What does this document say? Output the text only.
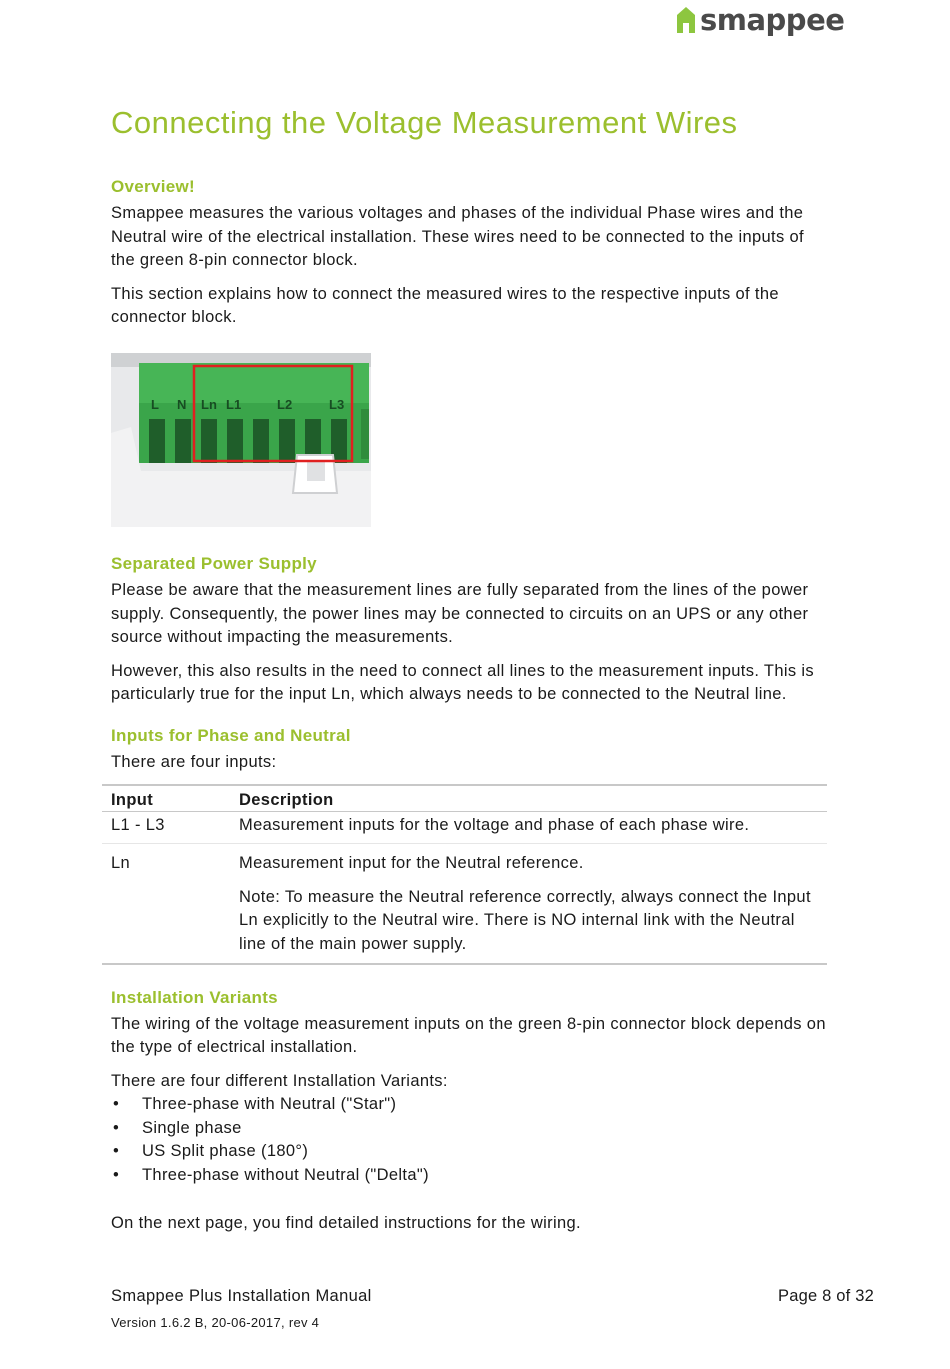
smappee
Connecting the Voltage Measurement Wires
Overview!

Smappee measures the various voltages and phases of the individual Phase wires and the Neutral wire of the electrical installation. These wires need to be connected to the inputs of the green 8-pin connector block.

This section explains how to connect the measured wires to the respective inputs of the connector block.

L N Ln L1	L2	L3
Separated Power Supply

Please be aware that the measurement lines are fully separated from the lines of the power supply. Consequently, the power lines may be connected to circuits on an UPS or any other source without impacting the measurements.

However, this also results in the need to connect all lines to the measurement inputs. This is particularly true for the input Ln, which always needs to be connected to the Neutral line.

Inputs for Phase and Neutral

There are four inputs:

Input	Description
L1 - L3	Measurement inputs for the voltage and phase of each phase wire.
Ln	Measurement input for the Neutral reference.

Note: To measure the Neutral reference correctly, always connect the Input Ln explicitly to the Neutral wire. There is NO internal link with the Neutral line of the main power supply.

Installation Variants

The wiring of the voltage measurement inputs on the green 8-pin connector block depends on the type of electrical installation.

There are four different Installation Variants:

• Three-phase with Neutral ("Star")
• Single phase
• US Split phase (180°)
• Three-phase without Neutral ("Delta")

On the next page, you find detailed instructions for the wiring.

Smappee Plus Installation Manual	Page 8 of 32
Version 1.6.2 B, 20-06-2017, rev 4
